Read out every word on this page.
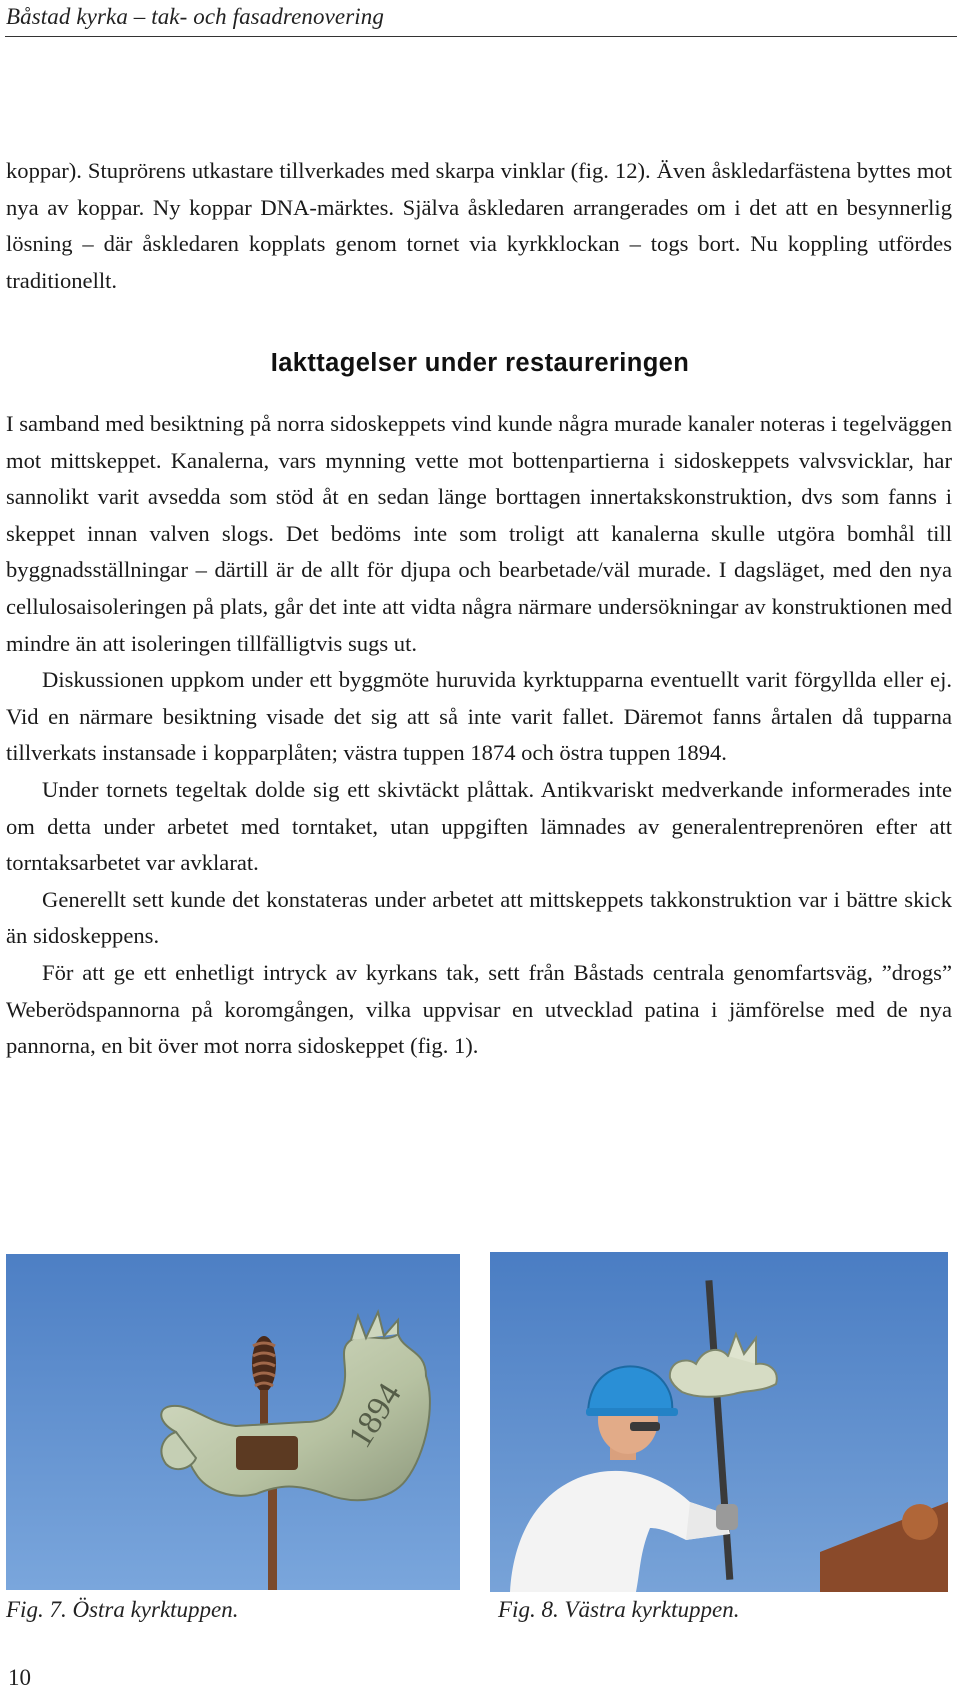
Båstad kyrka – tak- och fasadrenovering

koppar). Stuprörens utkastare tillverkades med skarpa vinklar (fig. 12). Även åskledarfästena byttes mot nya av koppar. Ny koppar DNA-märktes. Själva åskledaren arrangerades om i det att en besynnerlig lösning – där åskledaren kopplats genom tornet via kyrkklockan – togs bort. Nu koppling utfördes traditionellt.

Iakttagelser under restaureringen

I samband med besiktning på norra sidoskeppets vind kunde några murade kanaler noteras i tegelväggen mot mittskeppet. Kanalerna, vars mynning vette mot bottenpartierna i sidoskeppets valvsvicklar, har sannolikt varit avsedda som stöd åt en sedan länge borttagen innertakskonstruktion, dvs som fanns i skeppet innan valven slogs. Det bedöms inte som troligt att kanalerna skulle utgöra bomhål till byggnadsställningar – därtill är de allt för djupa och bearbetade/väl murade. I dagsläget, med den nya cellulosaisoleringen på plats, går det inte att vidta några närmare undersökningar av konstruktionen med mindre än att isoleringen tillfälligtvis sugs ut.

Diskussionen uppkom under ett byggmöte huruvida kyrktupparna eventuellt varit förgyllda eller ej. Vid en närmare besiktning visade det sig att så inte varit fallet. Däremot fanns årtalen då tupparna tillverkats instansade i kopparplåten; västra tuppen 1874 och östra tuppen 1894.

Under tornets tegeltak dolde sig ett skivtäckt plåttak. Antikvariskt medverkande informerades inte om detta under arbetet med torntaket, utan uppgiften lämnades av generalentreprenören efter att torntaksarbetet var avklarat.

Generellt sett kunde det konstateras under arbetet att mittskeppets takkonstruktion var i bättre skick än sidoskeppens.

För att ge ett enhetligt intryck av kyrkans tak, sett från Båstads centrala genomfartsväg, ”drogs” Weberödspannorna på koromgången, vilka uppvisar en utvecklad patina i jämförelse med de nya pannorna, en bit över mot norra sidoskeppet (fig. 1).

1894
Fig. 7. Östra kyrktuppen.	Fig. 8. Västra kyrktuppen.
10
